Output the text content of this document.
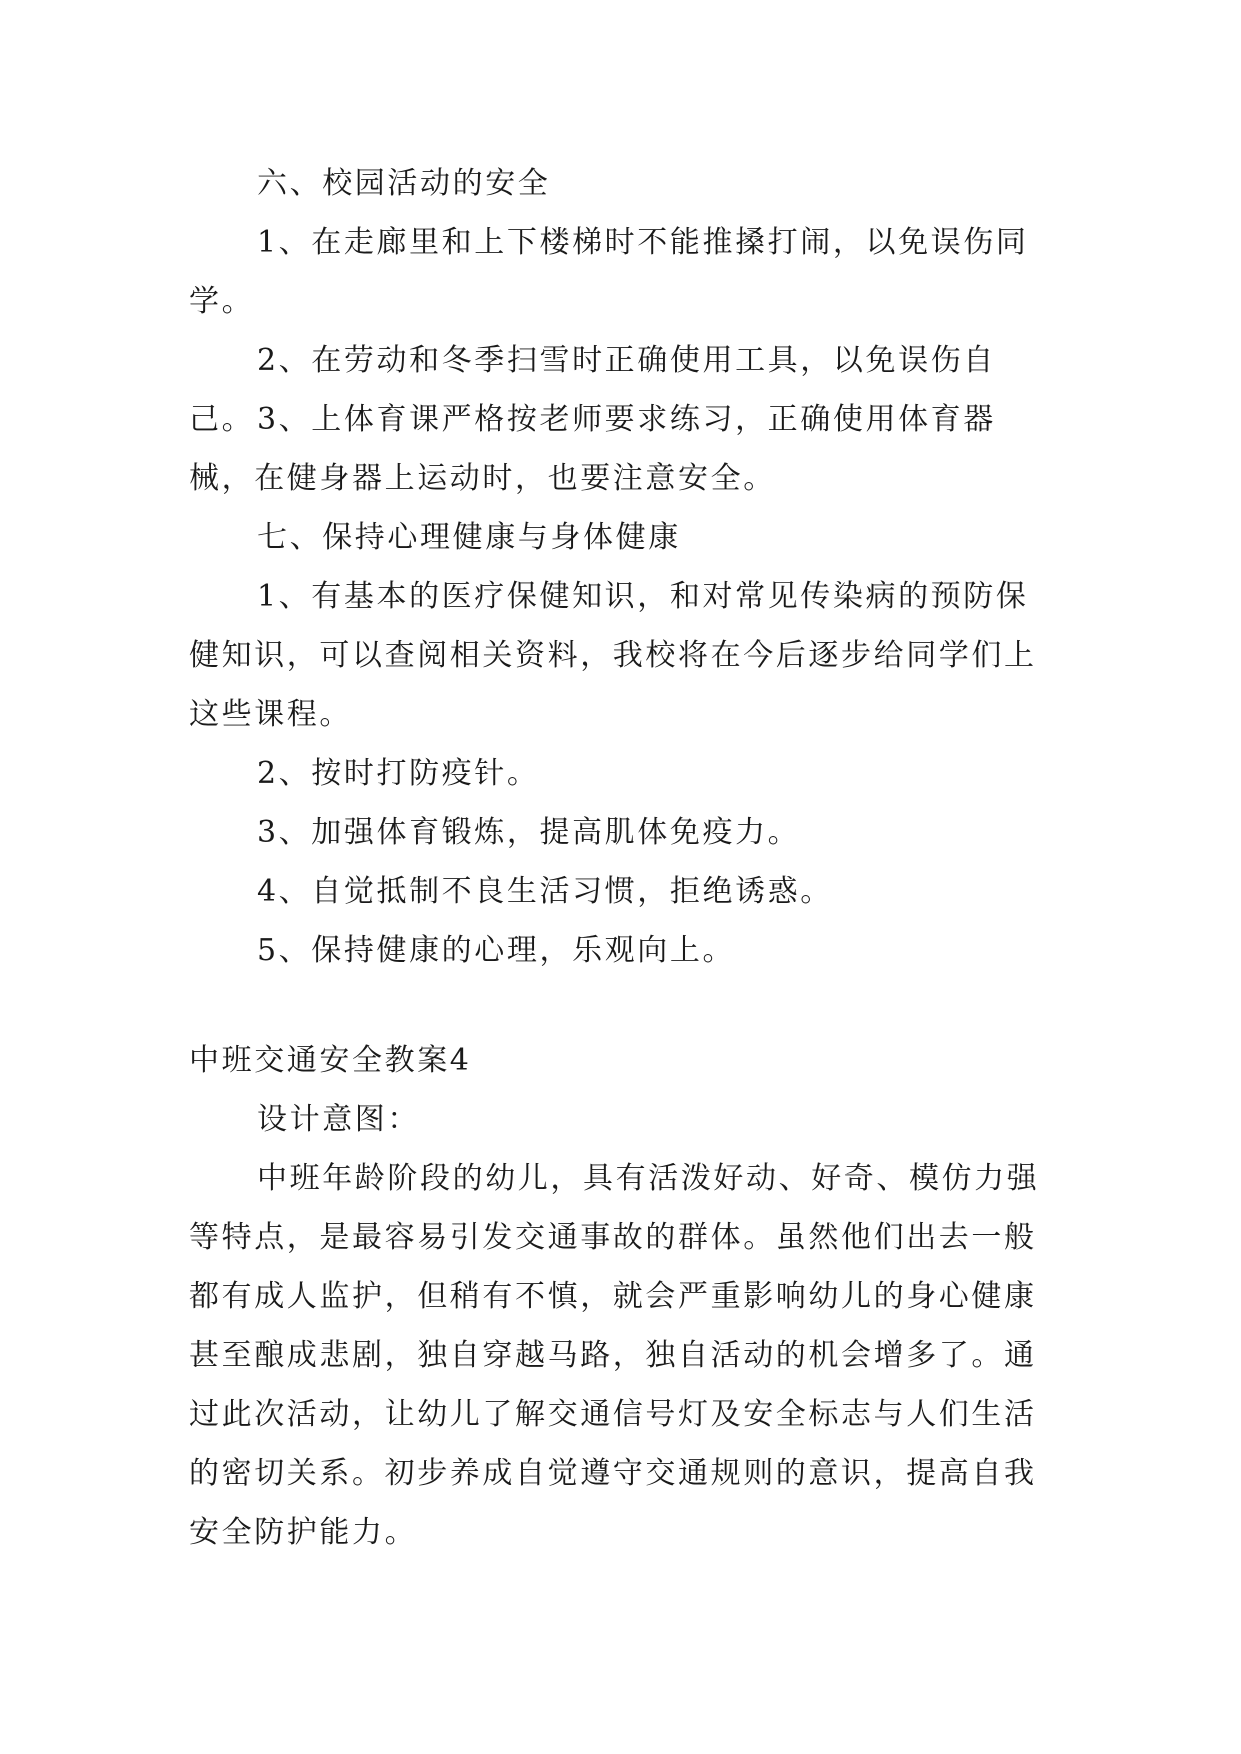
六、校园活动的安全

1、在走廊里和上下楼梯时不能推搡打闹，以免误伤同学。

2、在劳动和冬季扫雪时正确使用工具，以免误伤自己。 3、上体育课严格按老师要求练习，正确使用体育器械，在健身器上运动时，也要注意安全。

七、保持心理健康与身体健康

1、有基本的医疗保健知识，和对常见传染病的预防保健知识，可以查阅相关资料，我校将在今后逐步给同学们上这些课程。

2、按时打防疫针。

3、加强体育锻炼，提高肌体免疫力。

4、自觉抵制不良生活习惯，拒绝诱惑。

5、保持健康的心理，乐观向上。

中班交通安全教案4

设计意图：

中班年龄阶段的幼儿，具有活泼好动、好奇、模仿力强等特点，是最容易引发交通事故的群体。虽然他们出去一般都有成人监护，但稍有不慎，就会严重影响幼儿的身心健康甚至酿成悲剧，独自穿越马路，独自活动的机会增多了。通过此次活动，让幼儿了解交通信号灯及安全标志与人们生活的密切关系。初步养成自觉遵守交通规则的意识，提高自我安全防护能力。
